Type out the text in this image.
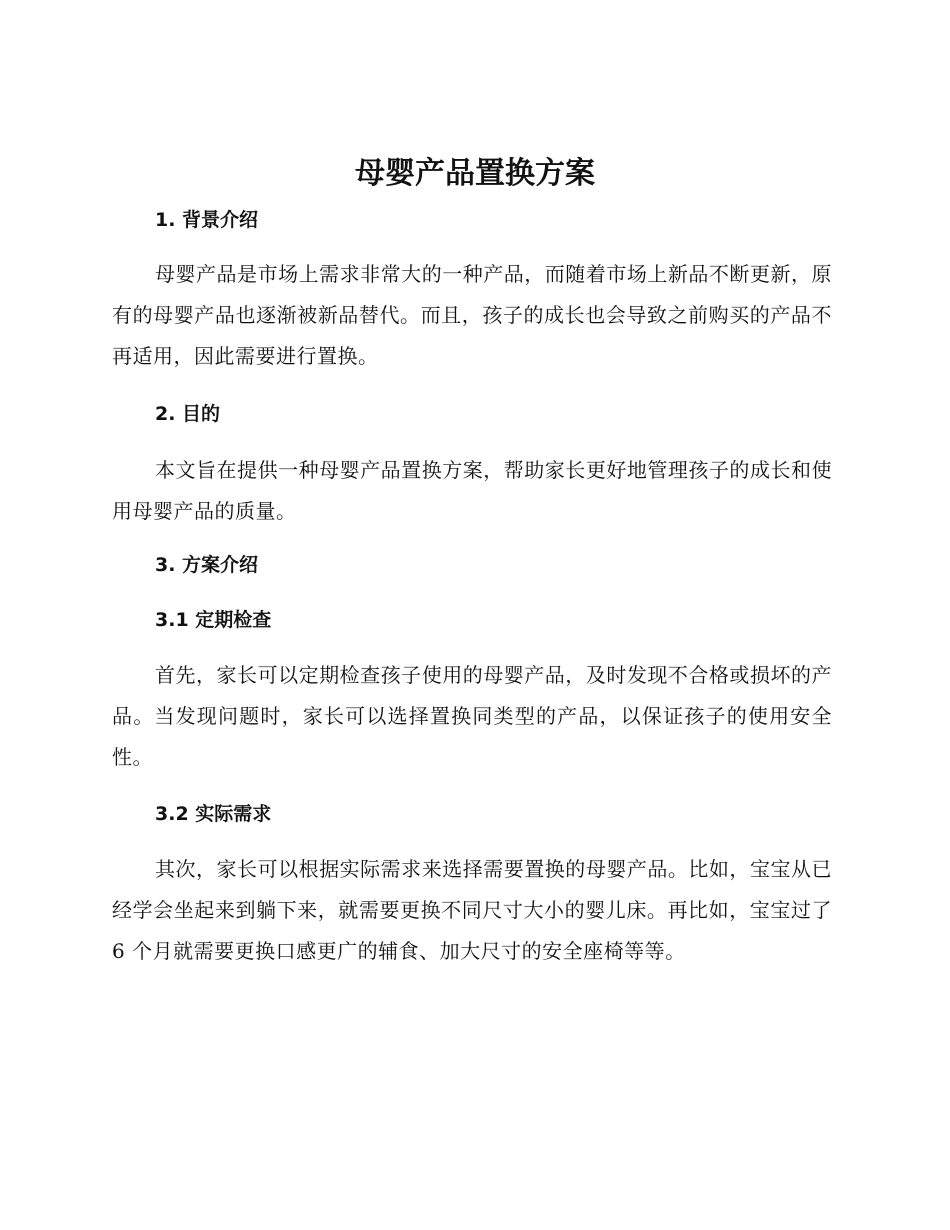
母婴产品置换方案
1. 背景介绍

母婴产品是市场上需求非常大的一种产品，而随着市场上新品不断更新，原有的母婴产品也逐渐被新品替代。而且，孩子的成长也会导致之前购买的产品不再适用，因此需要进行置换。

2. 目的

本文旨在提供一种母婴产品置换方案，帮助家长更好地管理孩子的成长和使用母婴产品的质量。

3. 方案介绍
3.1 定期检查

首先，家长可以定期检查孩子使用的母婴产品，及时发现不合格或损坏的产品。当发现问题时，家长可以选择置换同类型的产品，以保证孩子的使用安全性。

3.2 实际需求

其次，家长可以根据实际需求来选择需要置换的母婴产品。比如，宝宝从已经学会坐起来到躺下来，就需要更换不同尺寸大小的婴儿床。再比如，宝宝过了 6 个月就需要更换口感更广的辅食、加大尺寸的安全座椅等等。
